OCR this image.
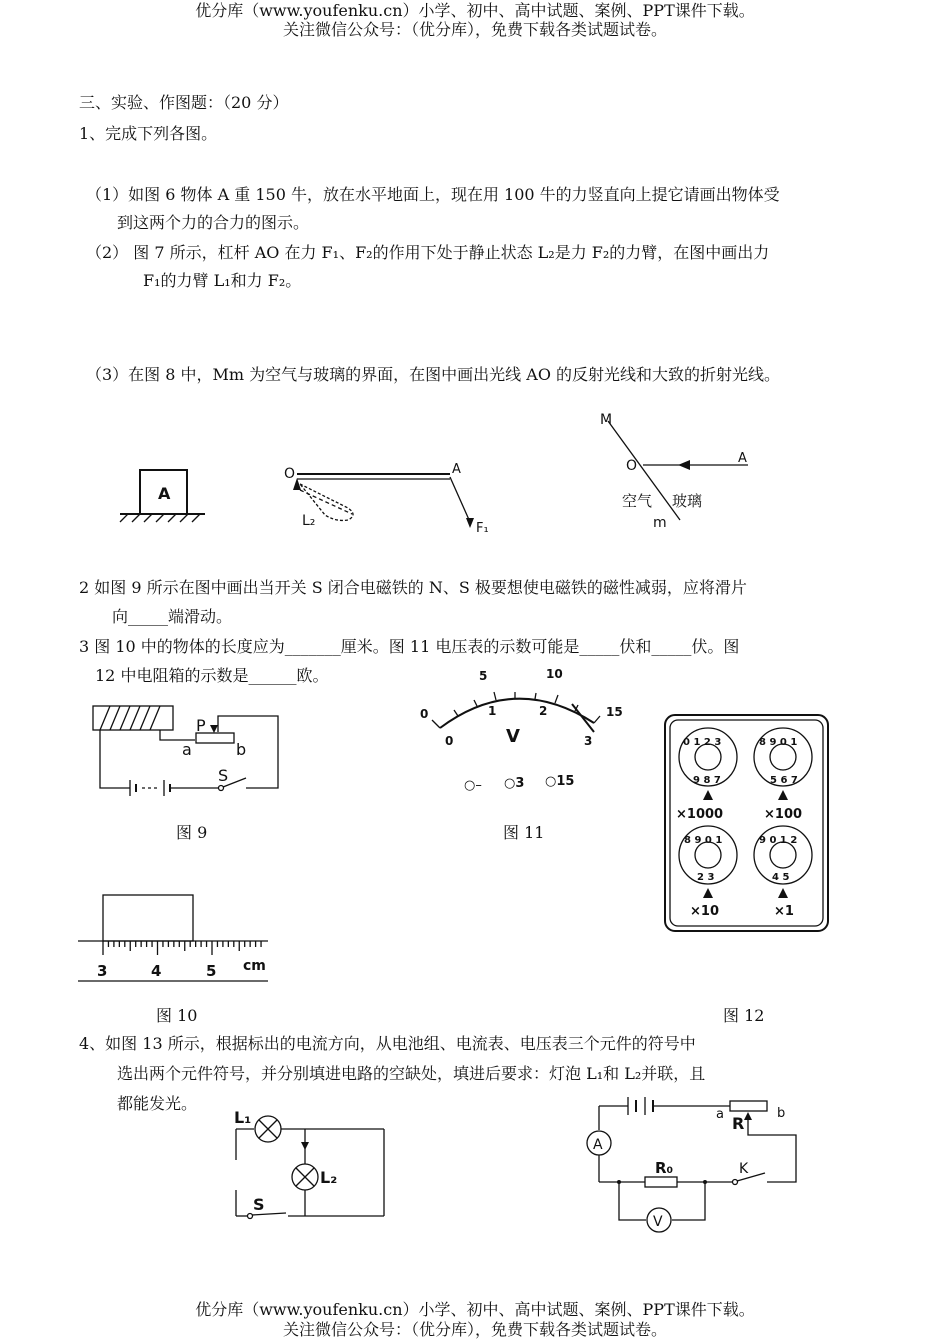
优分库（www.youfenku.cn）小学、初中、高中试题、案例、PPT课件下载。
关注微信公众号：（优分库），免费下载各类试题试卷。
三、实验、作图题：（20 分）
1、完成下列各图。
（1）如图 6 物体 A 重 150 牛，放在水平地面上，现在用 100 牛的力竖直向上提它请画出物体受
到这两个力的合力的图示。
（2） 图 7 所示，杠杆 AO 在力 F₁、F₂的作用下处于静止状态 L₂是力 F₂的力臂，在图中画出力
F₁的力臂 L₁和力 F₂。
（3）在图 8 中，Mm 为空气与玻璃的界面，在图中画出光线 AO 的反射光线和大致的折射光线。
2 如图 9 所示在图中画出当开关 S 闭合电磁铁的 N、S 极要想使电磁铁的磁性减弱，应将滑片
向_____端滑动。
3 图 10 中的物体的长度应为_______厘米。图 11 电压表的示数可能是_____伏和_____伏。图
12 中电阻箱的示数是______欧。
4、如图 13 所示，根据标出的电流方向，从电池组、电流表、电压表三个元件的符号中
选出两个元件符号，并分别填进电路的空缺处，填进后要求：灯泡 L₁和 L₂并联，且
都能发光。
A
O	A
F₁
L₂
M
m
O	A
空气 玻璃
S
P
a	b
图 9
0
5	10
15
0
1	2
3
V
○– ○3 ○15
图 11
9 8 7
0 1 2 3
×1000
5 6 7
8 9 0 1
×100
2 3
8 9 0 1
×10
4 5
9 0 1 2
×1
3	4	5 cm
图 10	图 12
L₁
L₂
S
a	b
R
A
R₀	K
V
优分库（www.youfenku.cn）小学、初中、高中试题、案例、PPT课件下载。
关注微信公众号：（优分库），免费下载各类试题试卷。
